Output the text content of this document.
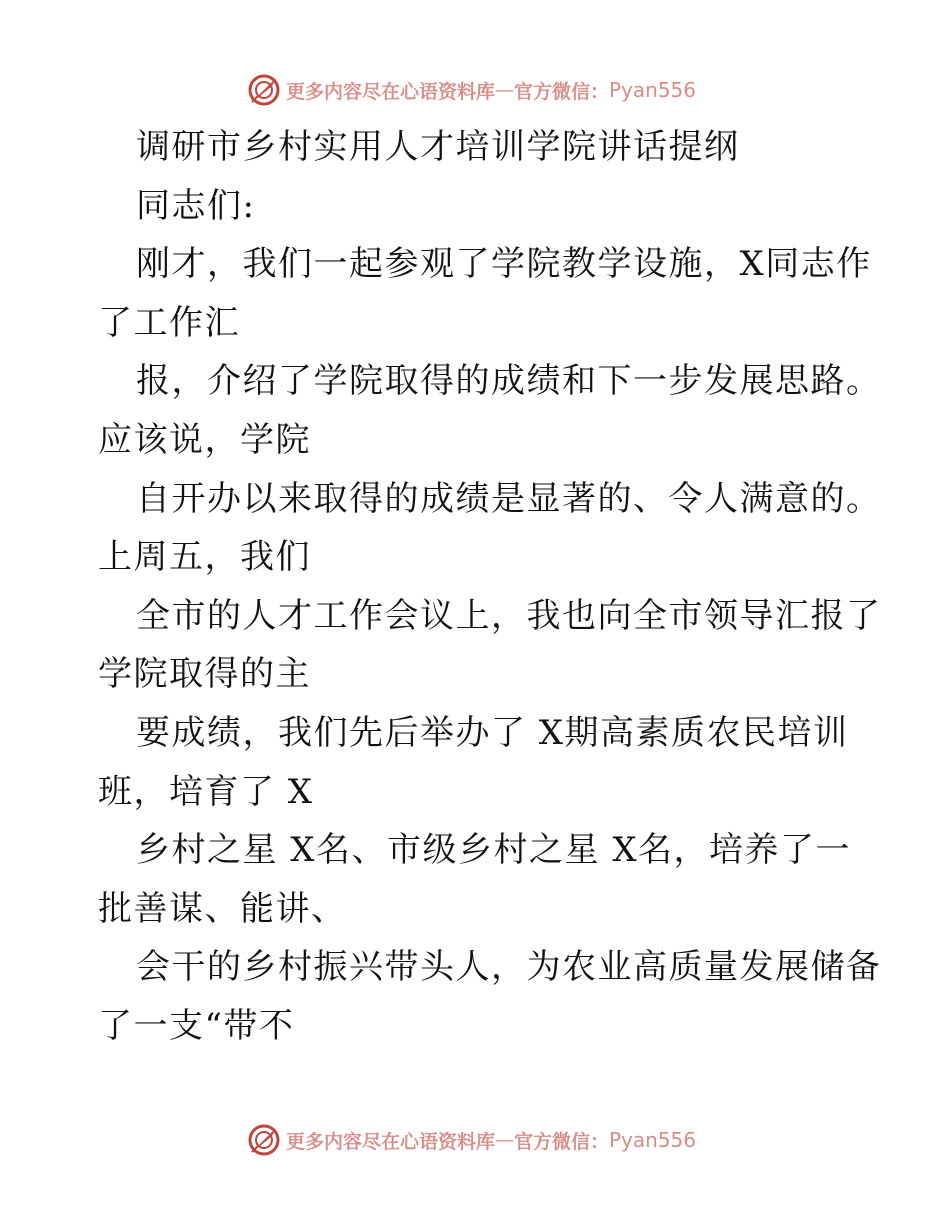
更多内容尽在心语资料库 — 官方微信： Pyan556
调研市乡村实用人才培训学院讲话提纲
同志们:
刚才，我们一起参观了学院教学设施，X同志作
了工作汇
报，介绍了学院取得的成绩和下一步发展思路。
应该说，学院
自开办以来取得的成绩是显著的、令人满意的。
上周五，我们
全市的人才工作会议上，我也向全市领导汇报了
学院取得的主
要成绩，我们先后举办了 X期高素质农民培训
班，培育了 X
乡村之星 X名、市级乡村之星 X名，培养了一
批善谋、能讲、
会干的乡村振兴带头人，为农业高质量发展储备
了一支“带不
更多内容尽在心语资料库 — 官方微信： Pyan556
